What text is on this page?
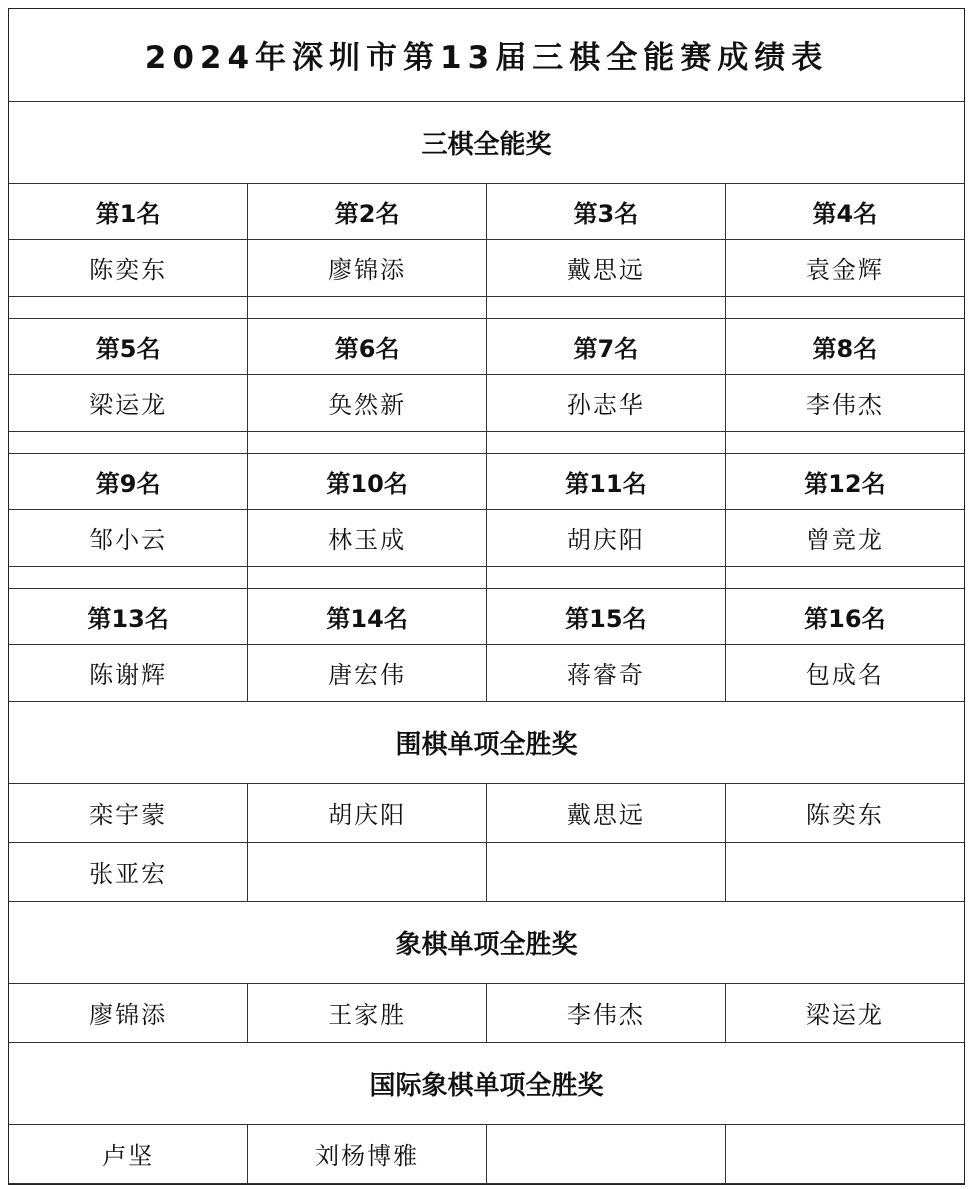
2024年深圳市第13届三棋全能赛成绩表			
三棋全能奖			
第1名	第2名	第3名	第4名
陈奕东	廖锦添	戴思远	袁金辉

第5名	第6名	第7名	第8名
梁运龙	奂然新	孙志华	李伟杰

第9名	第10名	第11名	第12名
邹小云	林玉成	胡庆阳	曾竞龙

第13名	第14名	第15名	第16名
陈谢辉	唐宏伟	蒋睿奇	包成名
围棋单项全胜奖			
栾宇蒙	胡庆阳	戴思远	陈奕东
张亚宏			
象棋单项全胜奖			
廖锦添	王家胜	李伟杰	梁运龙
国际象棋单项全胜奖			
卢坚	刘杨博雅		
